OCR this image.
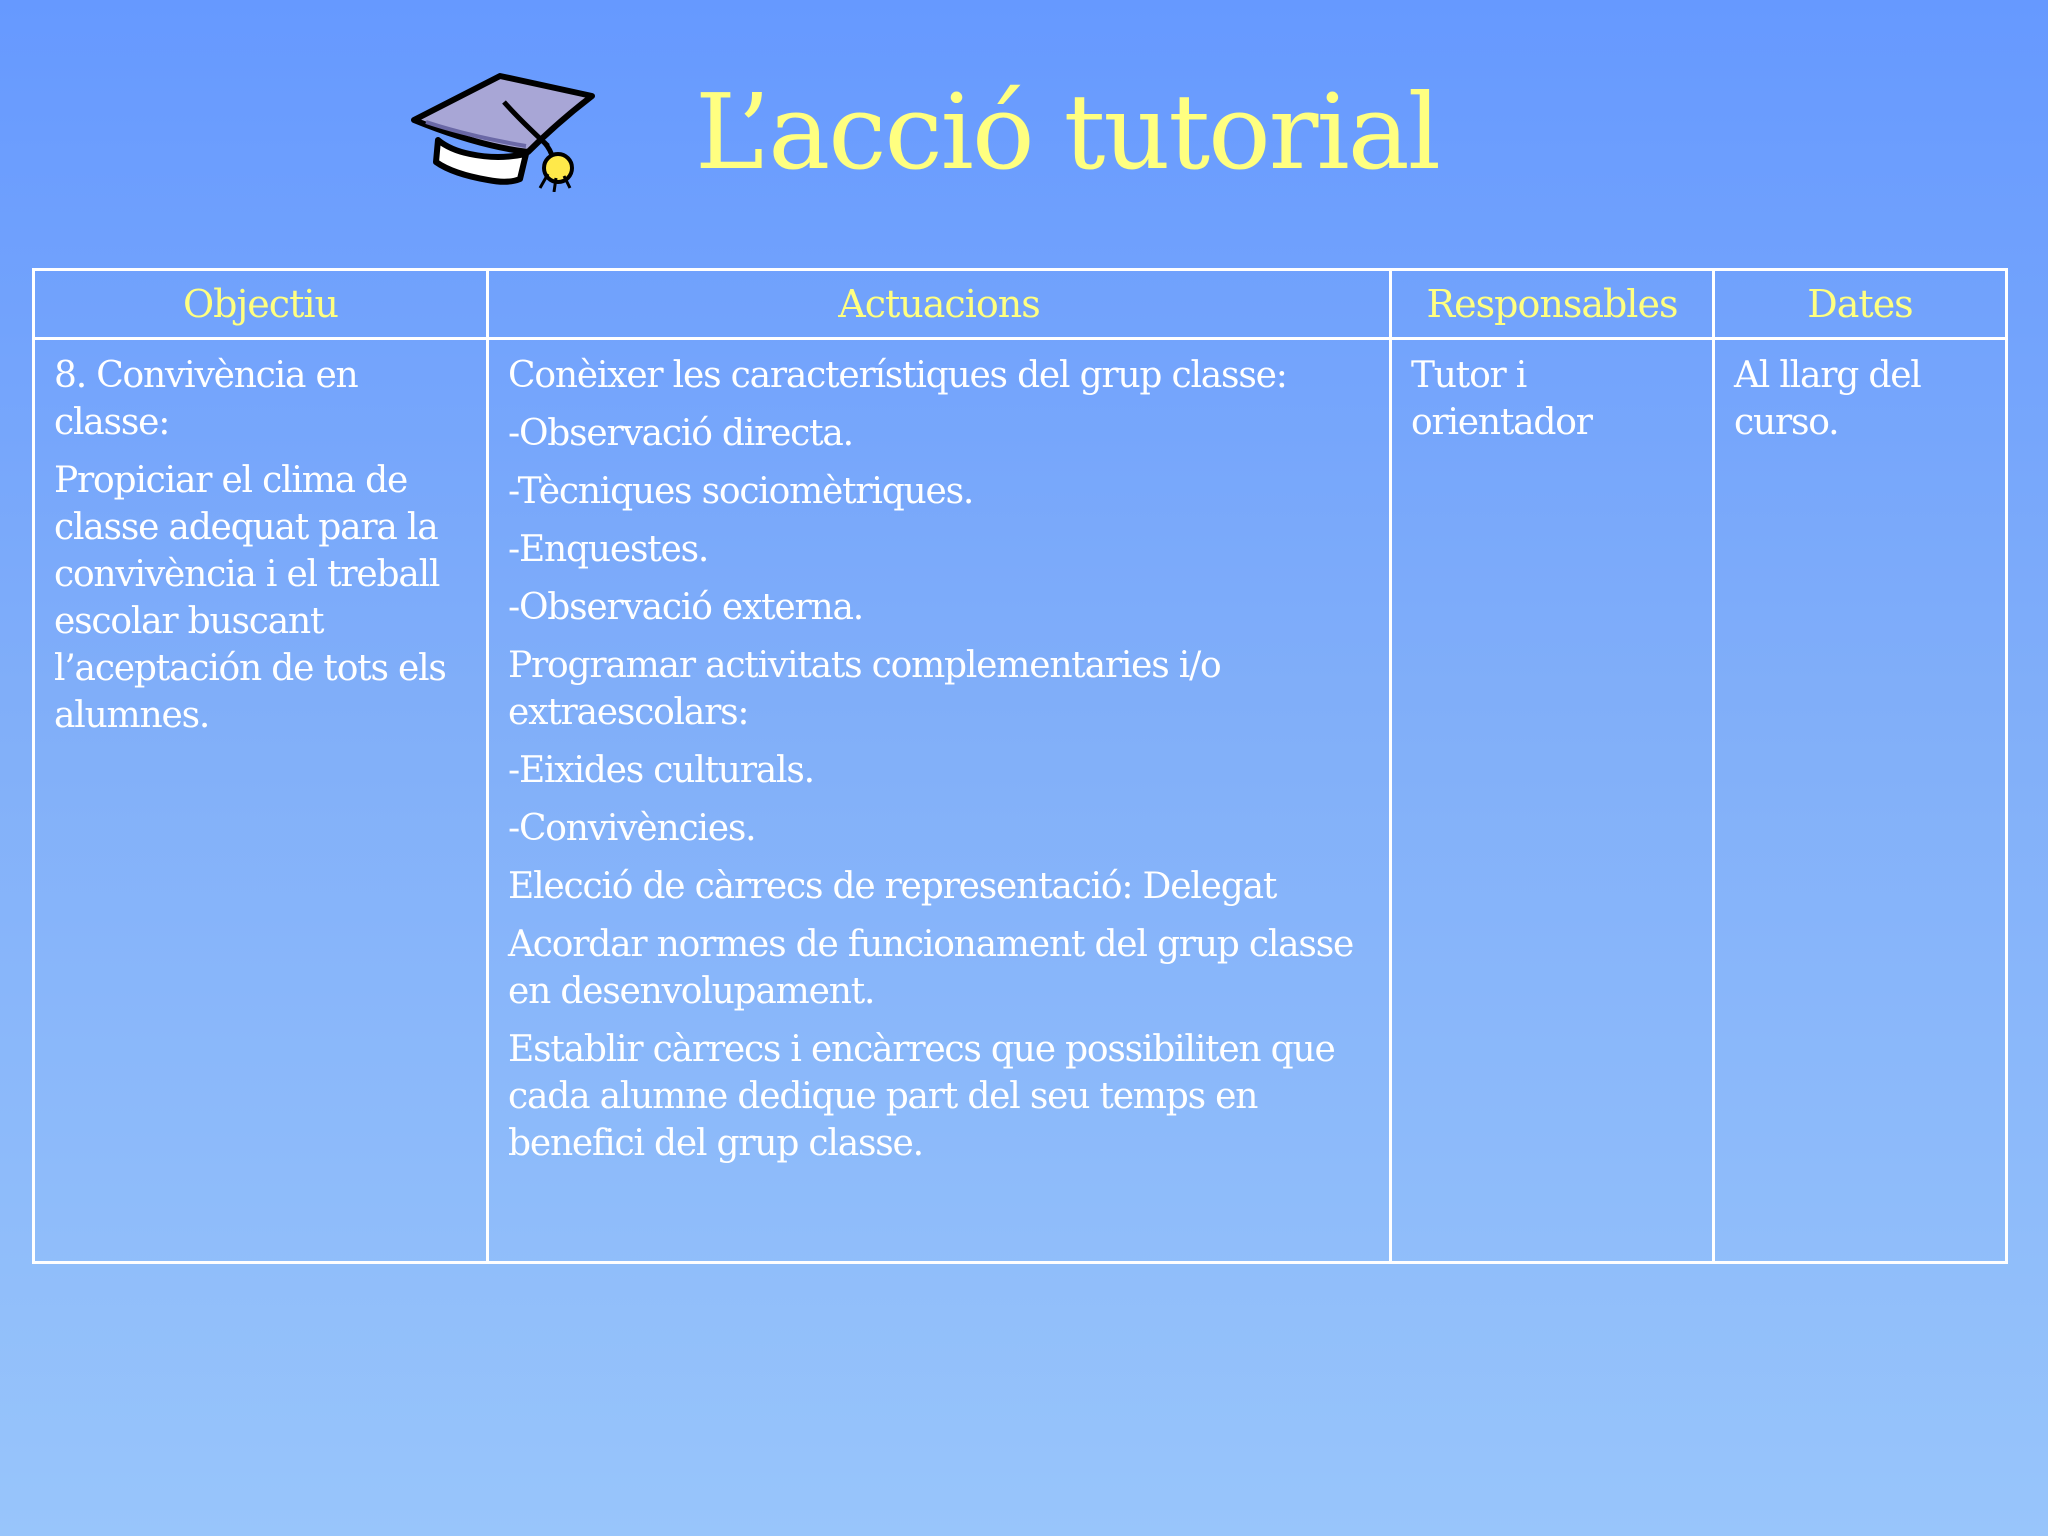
L’acció tutorial
Objectiu

8. Convivència en classe:

Propiciar el clima de classe adequat para la convivència i el treball escolar buscant l’aceptación de tots els alumnes.

Actuacions

Conèixer les característiques del grup classe:

-Observació directa.

-Tècniques sociomètriques.

-Enquestes.

-Observació externa.

Programar activitats complementaries i/o extraescolars:

-Eixides culturals.

-Convivències.

Elecció de càrrecs de representació: Delegat

Acordar normes de funcionament del grup classe en desenvolupament.

Establir càrrecs i encàrrecs que possibiliten que cada alumne dedique part del seu temps en benefici del grup classe.

Responsables

Tutor i orientador

Dates

Al llarg del curso.
